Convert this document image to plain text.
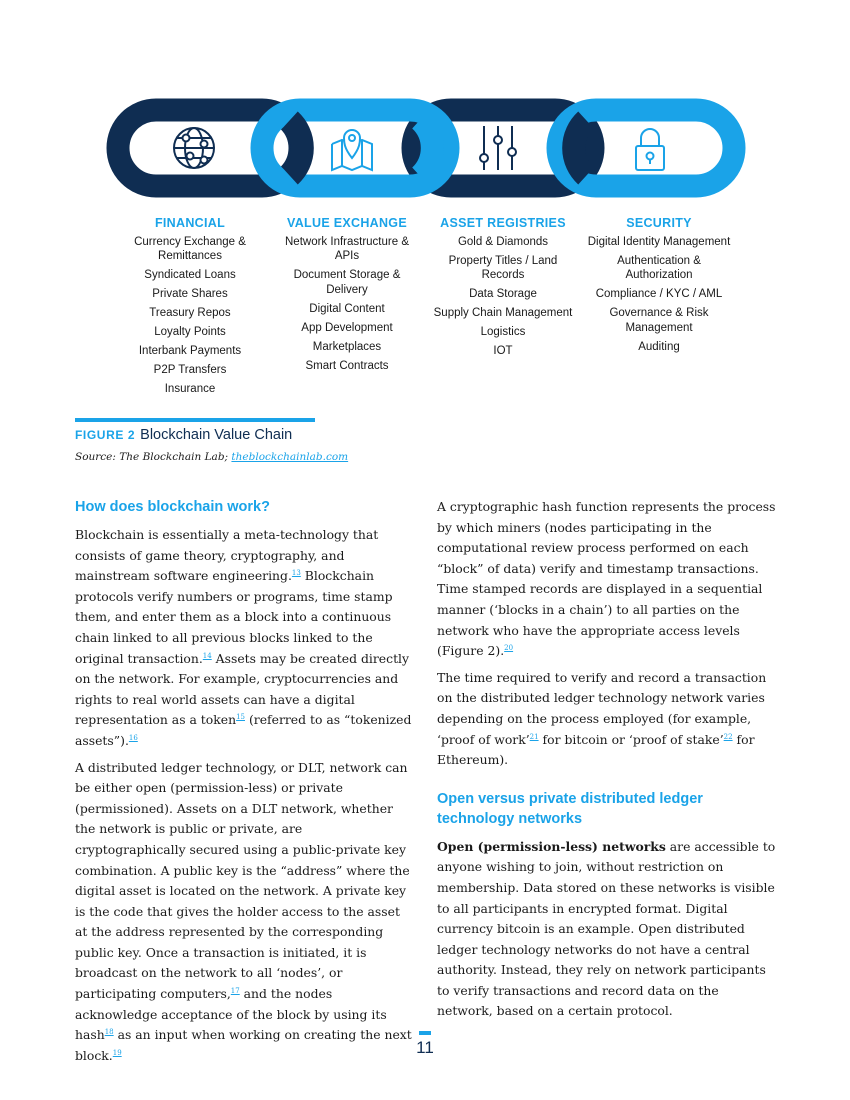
FINANCIAL
Currency Exchange & Remittances
Syndicated Loans
Private Shares
Treasury Repos
Loyalty Points
Interbank Payments
P2P Transfers
Insurance
VALUE EXCHANGE
Network Infrastructure & APIs
Document Storage & Delivery
Digital Content
App Development
Marketplaces
Smart Contracts
ASSET REGISTRIES
Gold & Diamonds
Property Titles / Land Records
Data Storage
Supply Chain Management
Logistics
IOT
SECURITY
Digital Identity Management
Authentication & Authorization
Compliance / KYC / AML
Governance & Risk Management
Auditing
FIGURE 2 Blockchain Value Chain
Source: The Blockchain Lab; theblockchainlab.com
How does blockchain work?

Blockchain is essentially a meta-technology that consists of game theory, cryptography, and mainstream software engineering.$^{13}$ Blockchain protocols verify numbers or programs, time stamp them, and enter them as a block into a continuous chain linked to all previous blocks linked to the original transaction.$^{14}$ Assets may be created directly on the network. For example, cryptocurrencies and rights to real world assets can have a digital representation as a token$^{15}$ (referred to as “tokenized assets”).$^{16}$

A distributed ledger technology, or DLT, network can be either open (permission-less) or private (permissioned). Assets on a DLT network, whether the network is public or private, are cryptographically secured using a public-private key combination. A public key is the “address” where the digital asset is located on the network. A private key is the code that gives the holder access to the asset at the address represented by the corresponding public key. Once a transaction is initiated, it is broadcast on the network to all ‘nodes’, or participating computers,$^{17}$ and the nodes acknowledge acceptance of the block by using its hash$^{18}$ as an input when working on creating the next block.$^{19}$

A cryptographic hash function represents the process by which miners (nodes participating in the computational review process performed on each “block” of data) verify and timestamp transactions. Time stamped records are displayed in a sequential manner (‘blocks in a chain’) to all parties on the network who have the appropriate access levels (Figure 2).$^{20}$

The time required to verify and record a transaction on the distributed ledger technology network varies depending on the process employed (for example, ‘proof of work’$^{21}$ for bitcoin or ‘proof of stake’$^{22}$ for Ethereum).

Open versus private distributed ledger technology networks

Open (permission-less) networks are accessible to anyone wishing to join, without restriction on membership. Data stored on these networks is visible to all participants in encrypted format. Digital currency bitcoin is an example. Open distributed ledger technology networks do not have a central authority. Instead, they rely on network participants to verify transactions and record data on the network, based on a certain protocol.

11
